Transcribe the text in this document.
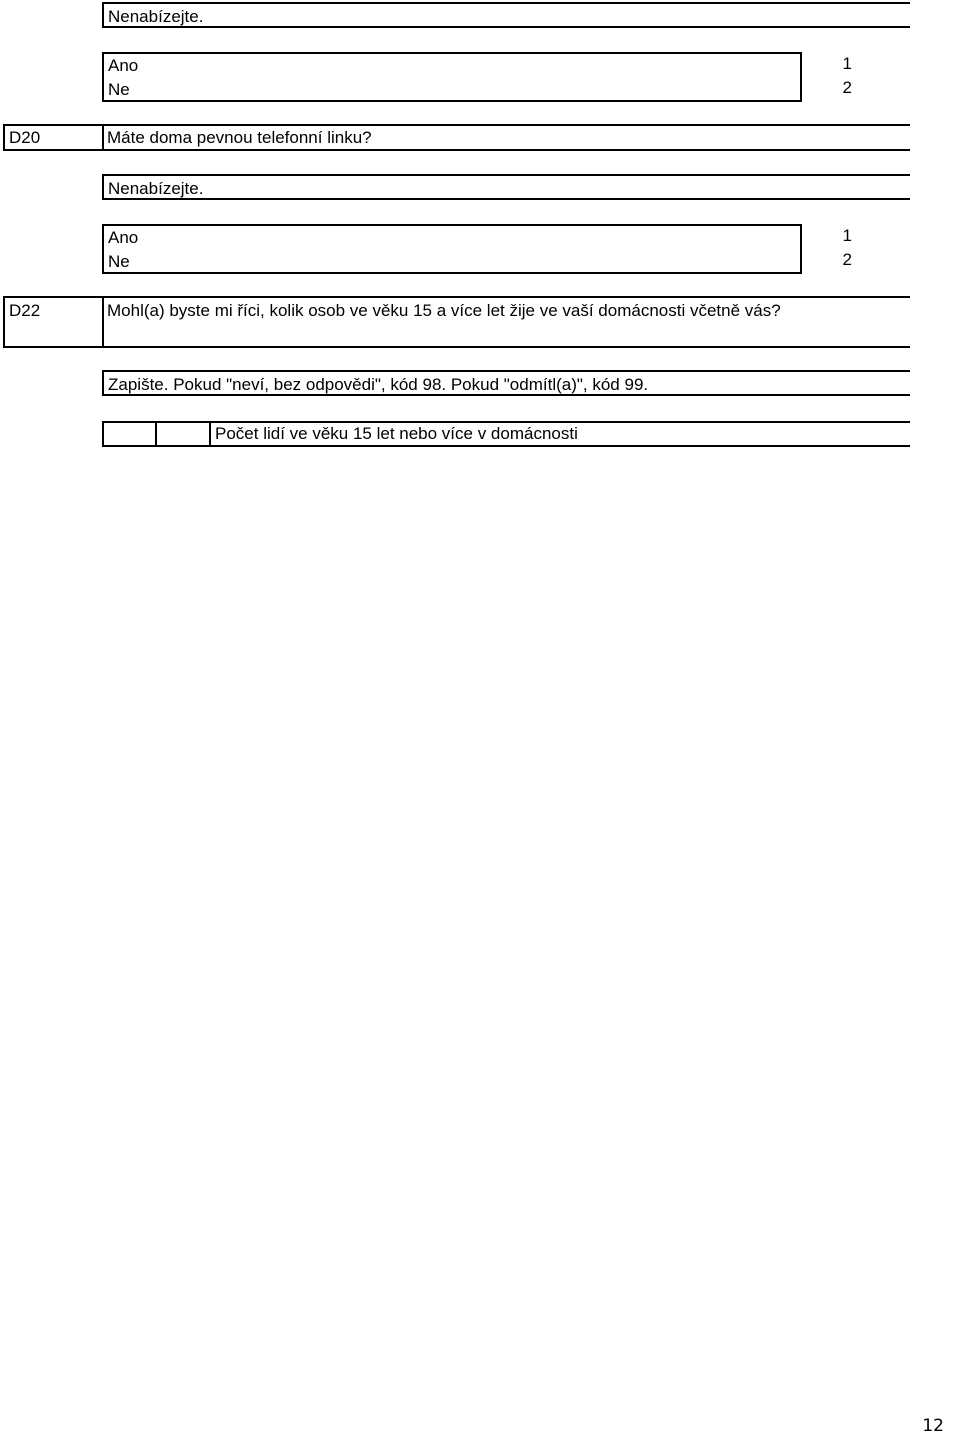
Nenabízejte.
Ano
Ne
1
2
D20	Máte doma pevnou telefonní linku?
Nenabízejte.
Ano
Ne
1
2
D22	Mohl(a) byste mi říci, kolik osob ve věku 15 a více let žije ve vaší domácnosti včetně vás?
Zapište. Pokud "neví, bez odpovědi", kód 98. Pokud "odmítl(a)", kód 99.
Počet lidí ve věku 15 let nebo více v domácnosti
12
